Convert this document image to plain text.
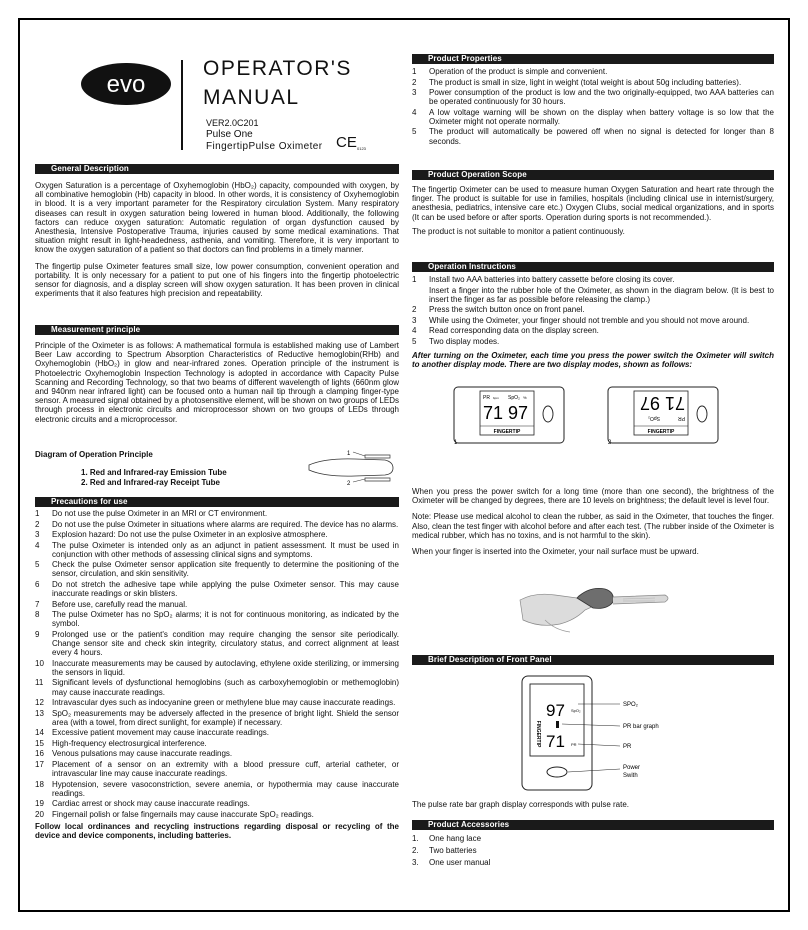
evo
OPERATOR'S
MANUAL
VER2.0C201
Pulse One
FingertipPulse Oximeter CE 0123
General Description
Oxygen Saturation is a percentage of Oxyhemoglobin (HbO₂) capacity, compounded with oxygen, by all combinative hemoglobin (Hb) capacity in blood. In other words, it is consistency of Oxyhemoglobin in blood. It is a very important parameter for the Respiratory circulation System. Many respiratory diseases can result in oxygen saturation being lowered in human blood. Additionally, the following factors can reduce oxygen saturation: Automatic regulation of organ dysfunction caused by Anesthesia, Intensive Postoperative Trauma, injuries caused by some medical examinations. That situation might result in light-headedness, asthenia, and vomiting. Therefore, it is very important to know the oxygen saturation of a patient so that doctors can find problems in a timely manner.
The fingertip pulse Oximeter features small size, low power consumption, convenient operation and portability. It is only necessary for a patient to put one of his fingers into the fingertip photoelectric sensor for diagnosis, and a display screen will show oxygen saturation. It has been proven in clinical experiments that it also features high precision and repeatability.
Measurement principle
Principle of the Oximeter is as follows: A mathematical formula is established making use of Lambert Beer Law according to Spectrum Absorption Characteristics of Reductive hemoglobin(RHb) and Oxyhemoglobin (HbO₂) in glow and near-infrared zones. Operation principle of the instrument is Photoelectric Oxyhemoglobin Inspection Technology is adopted in accordance with Capacity Pulse Scanning and Recording Technology, so that two beams of different wavelength of lights (660nm glow and 940nm near infrared light) can be focused onto a human nail tip through a clamping finger-type sensor. A measured signal obtained by a photosensitive element, will be shown on two groups of LEDs through process in electronic circuits and microprocessor shown on two groups of LEDs through electronic circuits and a microprocessor.
Diagram of Operation Principle
1. Red and Infrared-ray Emission Tube
2. Red and Infrared-ray Receipt Tube
1
2
Precautions for use
1	Do not use the pulse Oximeter in an MRI or CT environment.
2	Do not use the pulse Oximeter in situations where alarms are required. The device has no alarms.
3	Explosion hazard: Do not use the pulse Oximeter in an explosive atmosphere.
4	The pulse Oximeter is intended only as an adjunct in patient assessment. It must be used in conjunction with other methods of assessing clinical signs and symptoms.
5	Check the pulse Oximeter sensor application site frequently to determine the positioning of the sensor, circulation, and skin sensitivity.
6	Do not stretch the adhesive tape while applying the pulse Oximeter sensor. This may cause inaccurate readings or skin blisters.
7	Before use, carefully read the manual.
8	The pulse Oximeter has no SpO₂ alarms; it is not for continuous monitoring, as indicated by the symbol.
9	Prolonged use or the patient's condition may require changing the sensor site periodically. Change sensor site and check skin integrity, circulatory status, and correct alignment at least every 4 hours.
10	Inaccurate measurements may be caused by autoclaving, ethylene oxide sterilizing, or immersing the sensors in liquid.
11	Significant levels of dysfunctional hemoglobins (such as carboxyhemoglobin or methemoglobin) may cause inaccurate readings.
12	Intravascular dyes such as indocyanine green or methylene blue may cause inaccurate readings.
13	SpO₂ measurements may be adversely affected in the presence of bright light. Shield the sensor area (with a towel, from direct sunlight, for example) if necessary.
14	Excessive patient movement may cause inaccurate readings.
15	High-frequency electrosurgical interference.
16	Venous pulsations may cause inaccurate readings.
17	Placement of a sensor on an extremity with a blood pressure cuff, arterial catheter, or intravascular line may cause inaccurate readings.
18	Hypotension, severe vasoconstriction, severe anemia, or hypothermia may cause inaccurate readings.
19	Cardiac arrest or shock may cause inaccurate readings.
20	Fingernail polish or false fingernails may cause inaccurate SpO₂ readings.
Follow local ordinances and recycling instructions regarding disposal or recycling of the device and device components, including batteries.
Product Properties
1	Operation of the product is simple and convenient.
2	The product is small in size, light in weight (total weight is about 50g including batteries).
3	Power consumption of the product is low and the two originally-equipped, two AAA batteries can be operated continuously for 30 hours.
4	A low voltage warning will be shown on the display when battery voltage is so low that the Oximeter might not operate normally.
5	The product will automatically be powered off when no signal is detected for longer than 8 seconds.
Product Operation Scope
The fingertip Oximeter can be used to measure human Oxygen Saturation and heart rate through the finger. The product is suitable for use in families, hospitals (including clinical use in internist/surgery, anesthesia, pediatrics, intensive care etc.) Oxygen Clubs, social medical organizations, and in sports (It can be used before or after sports. Operation during sports is not recommended.).
The product is not suitable to monitor a patient continuously.
Operation Instructions
1	Install two AAA batteries into battery cassette before closing its cover.
Insert a finger into the rubber hole of the Oximeter, as shown in the diagram below. (It is best to insert the finger as far as possible before releasing the clamp.)
2	Press the switch button once on front panel.
3	While using the Oximeter, your finger should not tremble and you should not move around.
4	Read corresponding data on the display screen.
5	Two display modes.
After turning on the Oximeter, each time you press the power switch the Oximeter will switch to another display mode. There are two display modes, shown as follows:
PR bpm SpO₂ %
71 97
FINGERTIP
1
PR
SpO₂
71
97
FINGERTIP
2
When you press the power switch for a long time (more than one second), the brightness of the Oximeter will be changed by degrees, there are 10 levels on brightness; the default level is level four.
Note: Please use medical alcohol to clean the rubber, as said in the Oximeter, that touches the finger. Also, clean the test finger with alcohol before and after each test. (The rubber inside of the Oximeter is medical rubber, which has no toxins, and is not harmful to the skin).
When your finger is inserted into the Oximeter, your nail surface must be upward.
Brief Description of Front Panel
FINGERTIP
97 SpO₂
71 PR
SPO₂
PR bar graph
PR
Power
Swith
The pulse rate bar graph display corresponds with pulse rate.
Product Accessories
1.	One hang lace
2.	Two batteries
3.	One user manual
